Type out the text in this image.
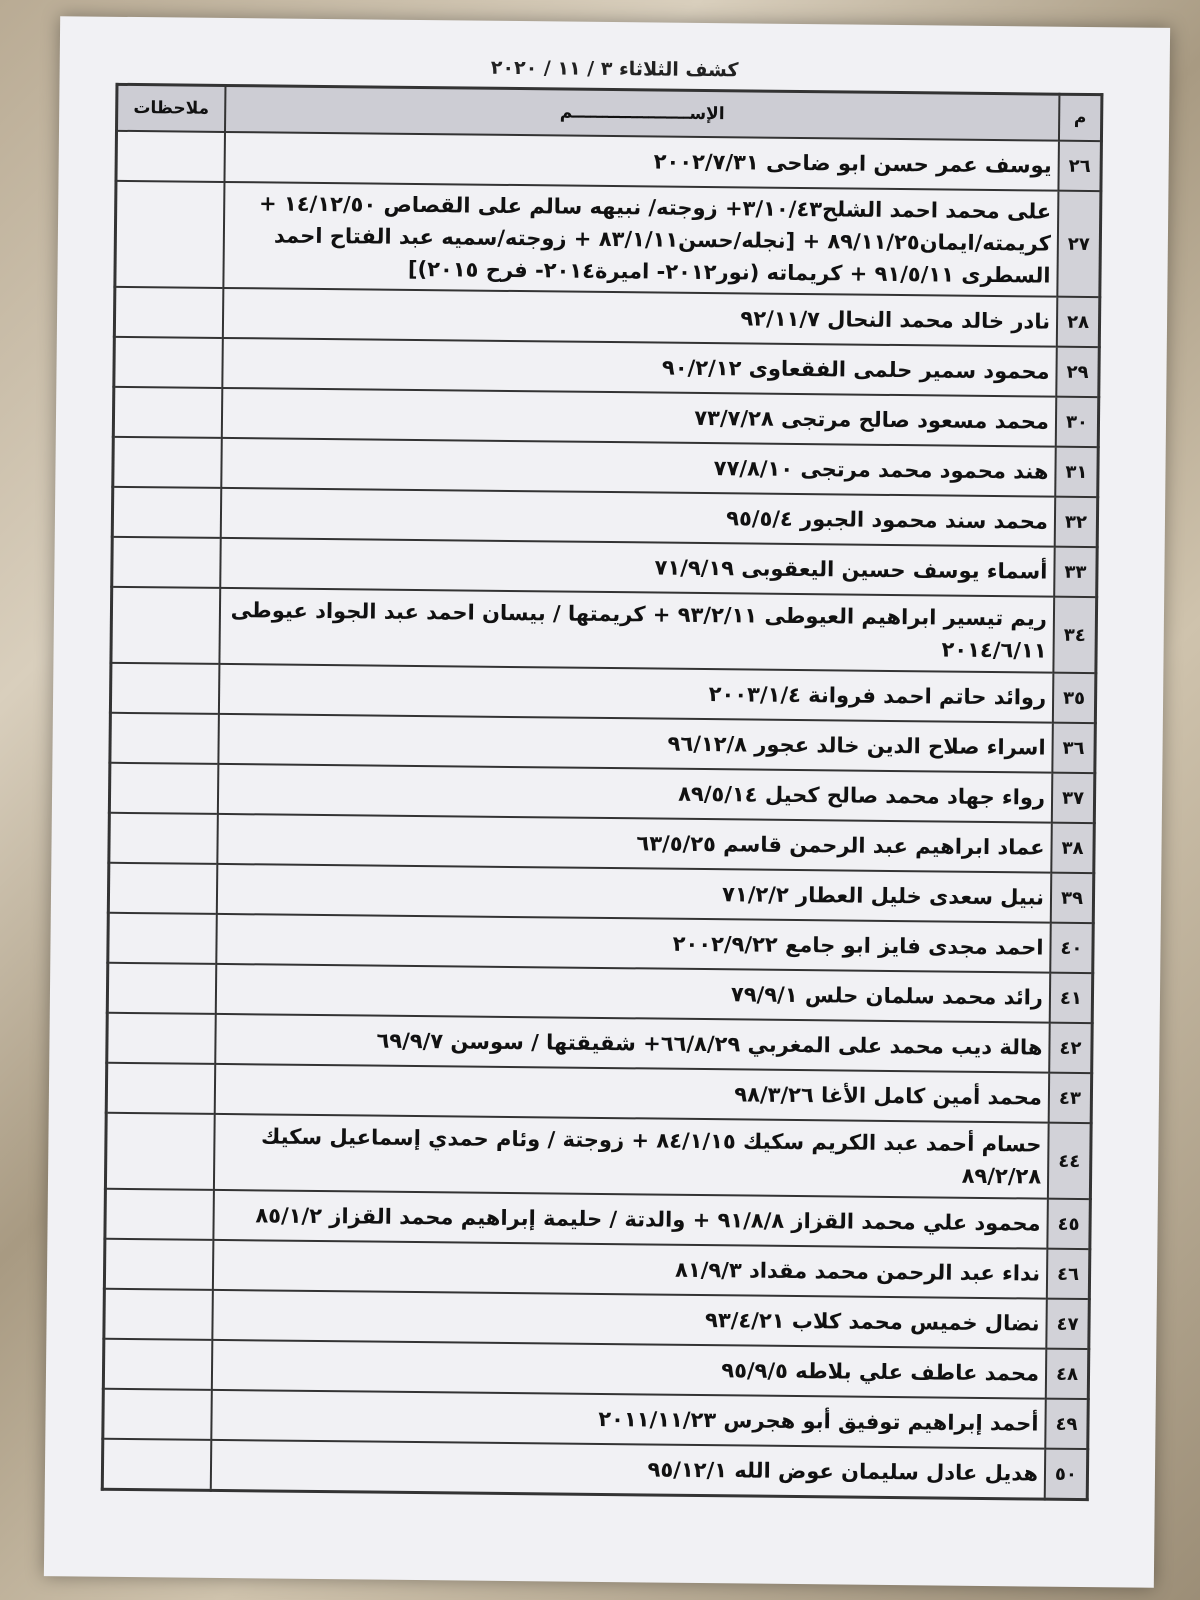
كشف الثلاثاء ٣ / ١١ / ٢٠٢٠
م	الإســــــــــــــــــــم	ملاحظات
٢٦	يوسف عمر حسن ابو ضاحى ٢٠٠٢/٧/٣١	
٢٧	على محمد احمد الشلح٣/١٠/٤٣+ زوجته/ نبيهه سالم على القصاص ١٤/١٢/٥٠ + كريمته/ايمان٨٩/١١/٢٥ + [نجله/حسن٨٣/١/١١ + زوجته/سميه عبد الفتاح احمد السطرى ٩١/٥/١١ + كريماته (نور٢٠١٢- اميرة٢٠١٤- فرح ٢٠١٥)]	
٢٨	نادر خالد محمد النحال ٩٢/١١/٧	
٢٩	محمود سمير حلمى الفقعاوى ٩٠/٢/١٢	
٣٠	محمد مسعود صالح مرتجى ٧٣/٧/٢٨	
٣١	هند محمود محمد مرتجى ٧٧/٨/١٠	
٣٢	محمد سند محمود الجبور ٩٥/٥/٤	
٣٣	أسماء يوسف حسين اليعقوبى ٧١/٩/١٩	
٣٤	ريم تيسير ابراهيم العيوطى ٩٣/٢/١١ + كريمتها / بيسان احمد عبد الجواد عيوطى ٢٠١٤/٦/١١	
٣٥	روائد حاتم احمد فروانة ٢٠٠٣/١/٤	
٣٦	اسراء صلاح الدين خالد عجور ٩٦/١٢/٨	
٣٧	رواء جهاد محمد صالح كحيل ٨٩/٥/١٤	
٣٨	عماد ابراهيم عبد الرحمن قاسم ٦٣/٥/٢٥	
٣٩	نبيل سعدى خليل العطار ٧١/٢/٢	
٤٠	احمد مجدى فايز ابو جامع ٢٠٠٢/٩/٢٢	
٤١	رائد محمد سلمان حلس ٧٩/٩/١	
٤٢	هالة ديب محمد على المغربي ٦٦/٨/٢٩+ شقيقتها / سوسن ٦٩/٩/٧	
٤٣	محمد أمين كامل الأغا ٩٨/٣/٢٦	
٤٤	حسام أحمد عبد الكريم سكيك ٨٤/١/١٥ + زوجتة / وئام حمدي إسماعيل سكيك ٨٩/٢/٢٨	
٤٥	محمود علي محمد القزاز ٩١/٨/٨ + والدتة / حليمة إبراهيم محمد القزاز ٨٥/١/٢	
٤٦	نداء عبد الرحمن محمد مقداد ٨١/٩/٣	
٤٧	نضال خميس محمد كلاب ٩٣/٤/٢١	
٤٨	محمد عاطف علي بلاطه ٩٥/٩/٥	
٤٩	أحمد إبراهيم توفيق أبو هجرس ٢٠١١/١١/٢٣	
٥٠	هديل عادل سليمان عوض الله ٩٥/١٢/١	
